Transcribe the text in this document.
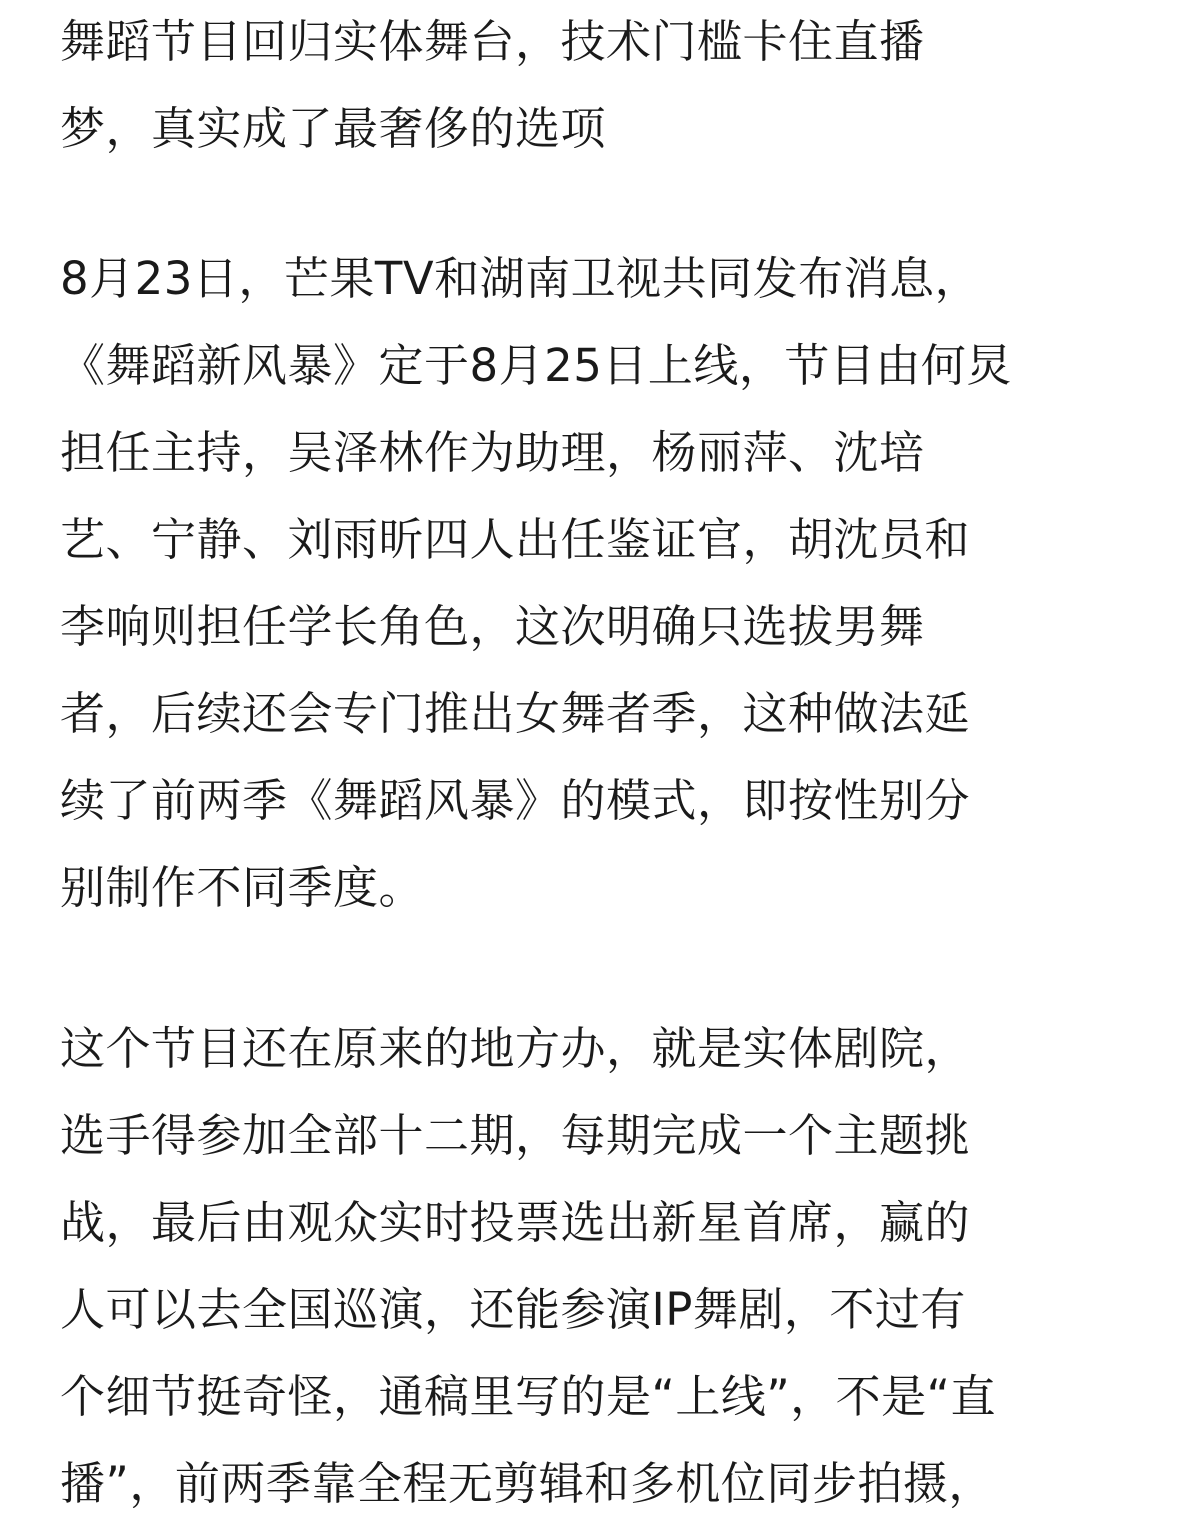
舞蹈节目回归实体舞台，技术门槛卡住直播
梦，真实成了最奢侈的选项
8月23日，芒果TV和湖南卫视共同发布消息，
《舞蹈新风暴》定于8月25日上线，节目由何炅
担任主持，吴泽林作为助理，杨丽萍、沈培
艺、宁静、刘雨昕四人出任鉴证官，胡沈员和
李响则担任学长角色，这次明确只选拔男舞
者，后续还会专门推出女舞者季，这种做法延
续了前两季《舞蹈风暴》的模式，即按性别分
别制作不同季度。
这个节目还在原来的地方办，就是实体剧院，
选手得参加全部十二期，每期完成一个主题挑
战，最后由观众实时投票选出新星首席，赢的
人可以去全国巡演，还能参演IP舞剧，不过有
个细节挺奇怪，通稿里写的是“上线”，不是“直
播”，前两季靠全程无剪辑和多机位同步拍摄，
